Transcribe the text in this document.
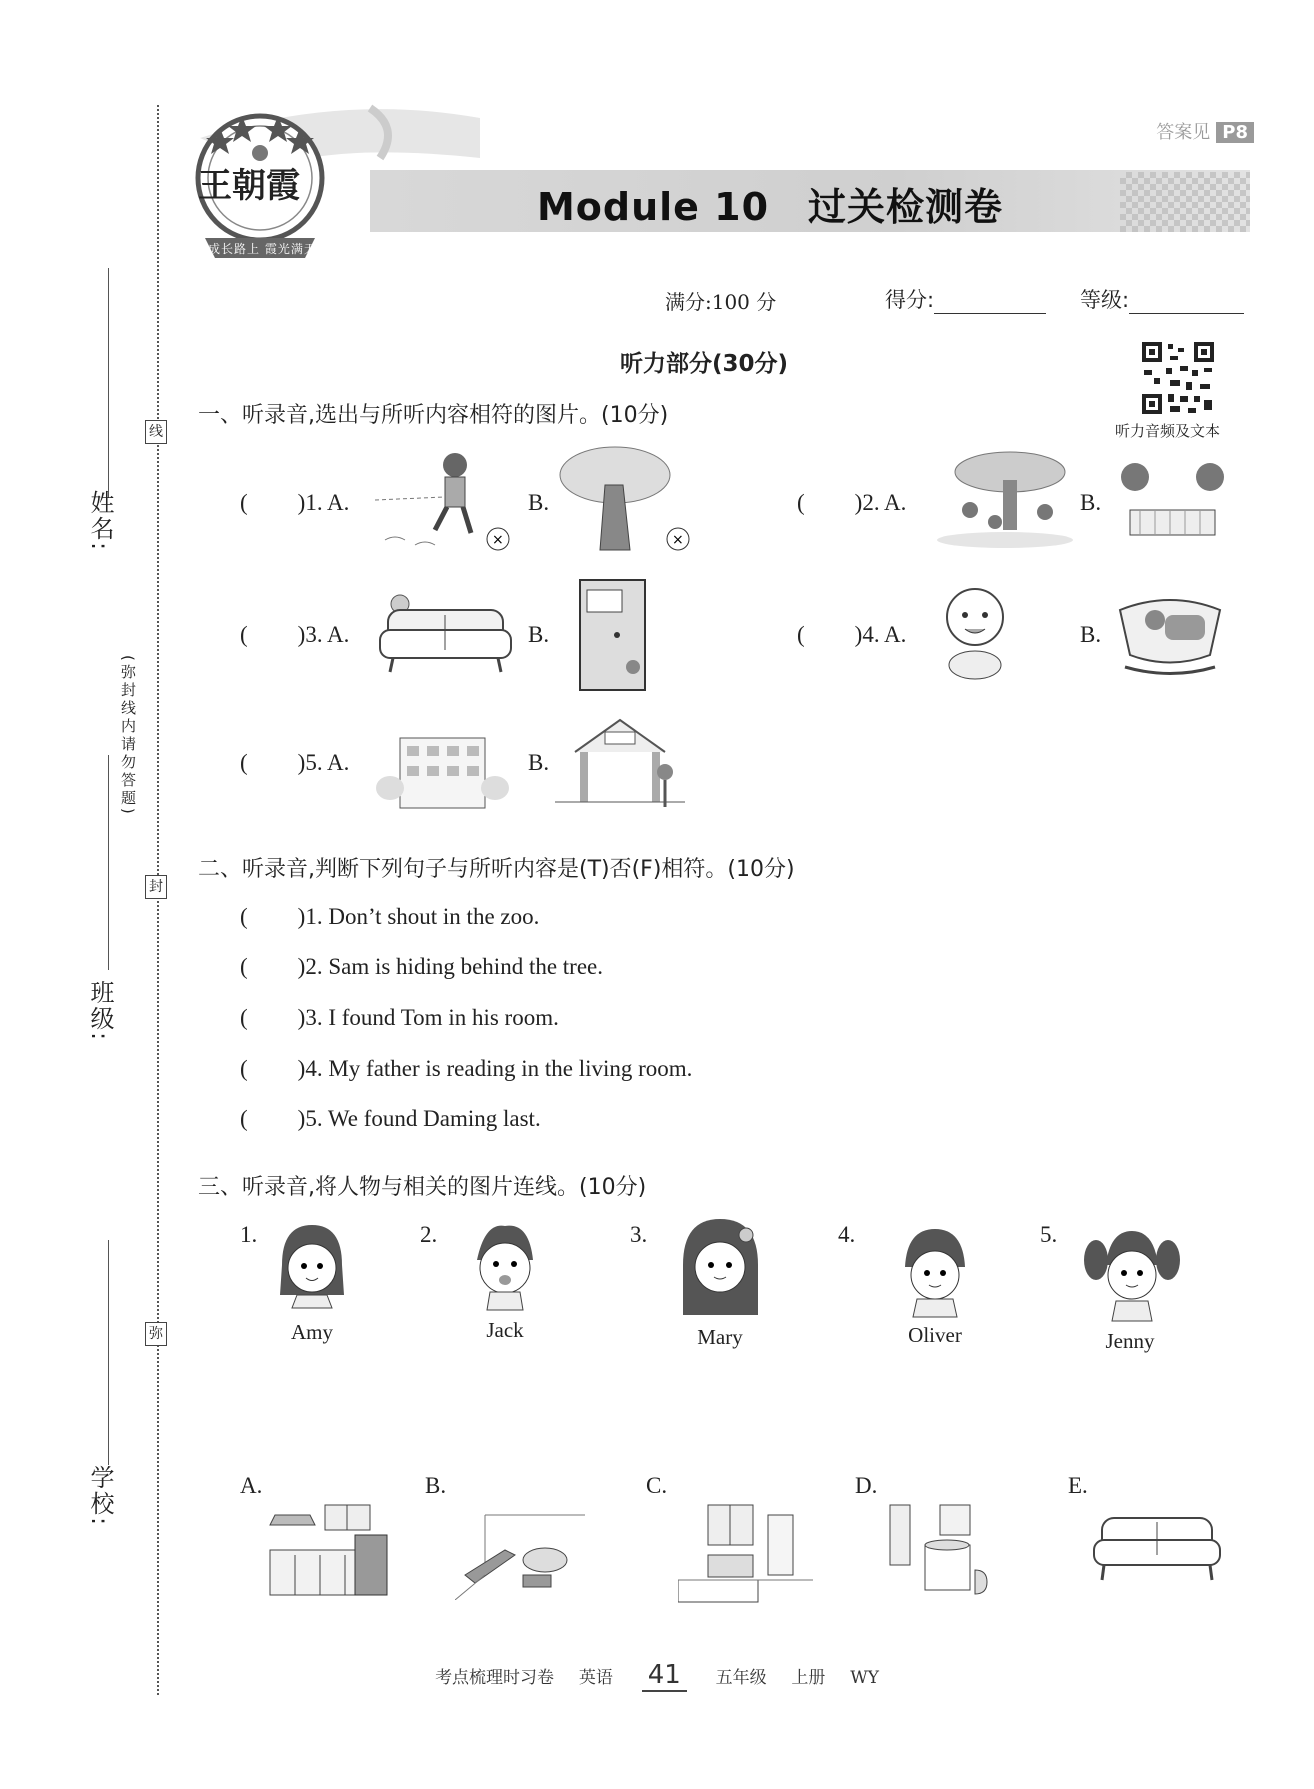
线
封
弥
(弥封线内请勿答题)
姓名:
班级:
学校:
答案见 P8
王朝霞
成长路上 霞光满天
Module 10　过关检测卷
满分:100 分	得分:	等级:
听力部分(30分)
听力音频及文本
一、听录音,选出与所听内容相符的图片。(10分)
( )1. A.
×
B.
×
( )2. A.	B.
( )3. A.	B.	( )4. A.	B.
( )5. A.	B.
二、听录音,判断下列句子与所听内容是(T)否(F)相符。(10分)
( )1. Don’t shout in the zoo.
( )2. Sam is hiding behind the tree.
( )3. I found Tom in his room.
( )4. My father is reading in the living room.
( )5. We found Daming last.
三、听录音,将人物与相关的图片连线。(10分)
1.
Amy
2.
Jack
3.
Mary
4.
Oliver
5.
Jenny
A.	B.	C.	D.	E.
考点梳理时习卷 英语 41 五年级 上册 WY
